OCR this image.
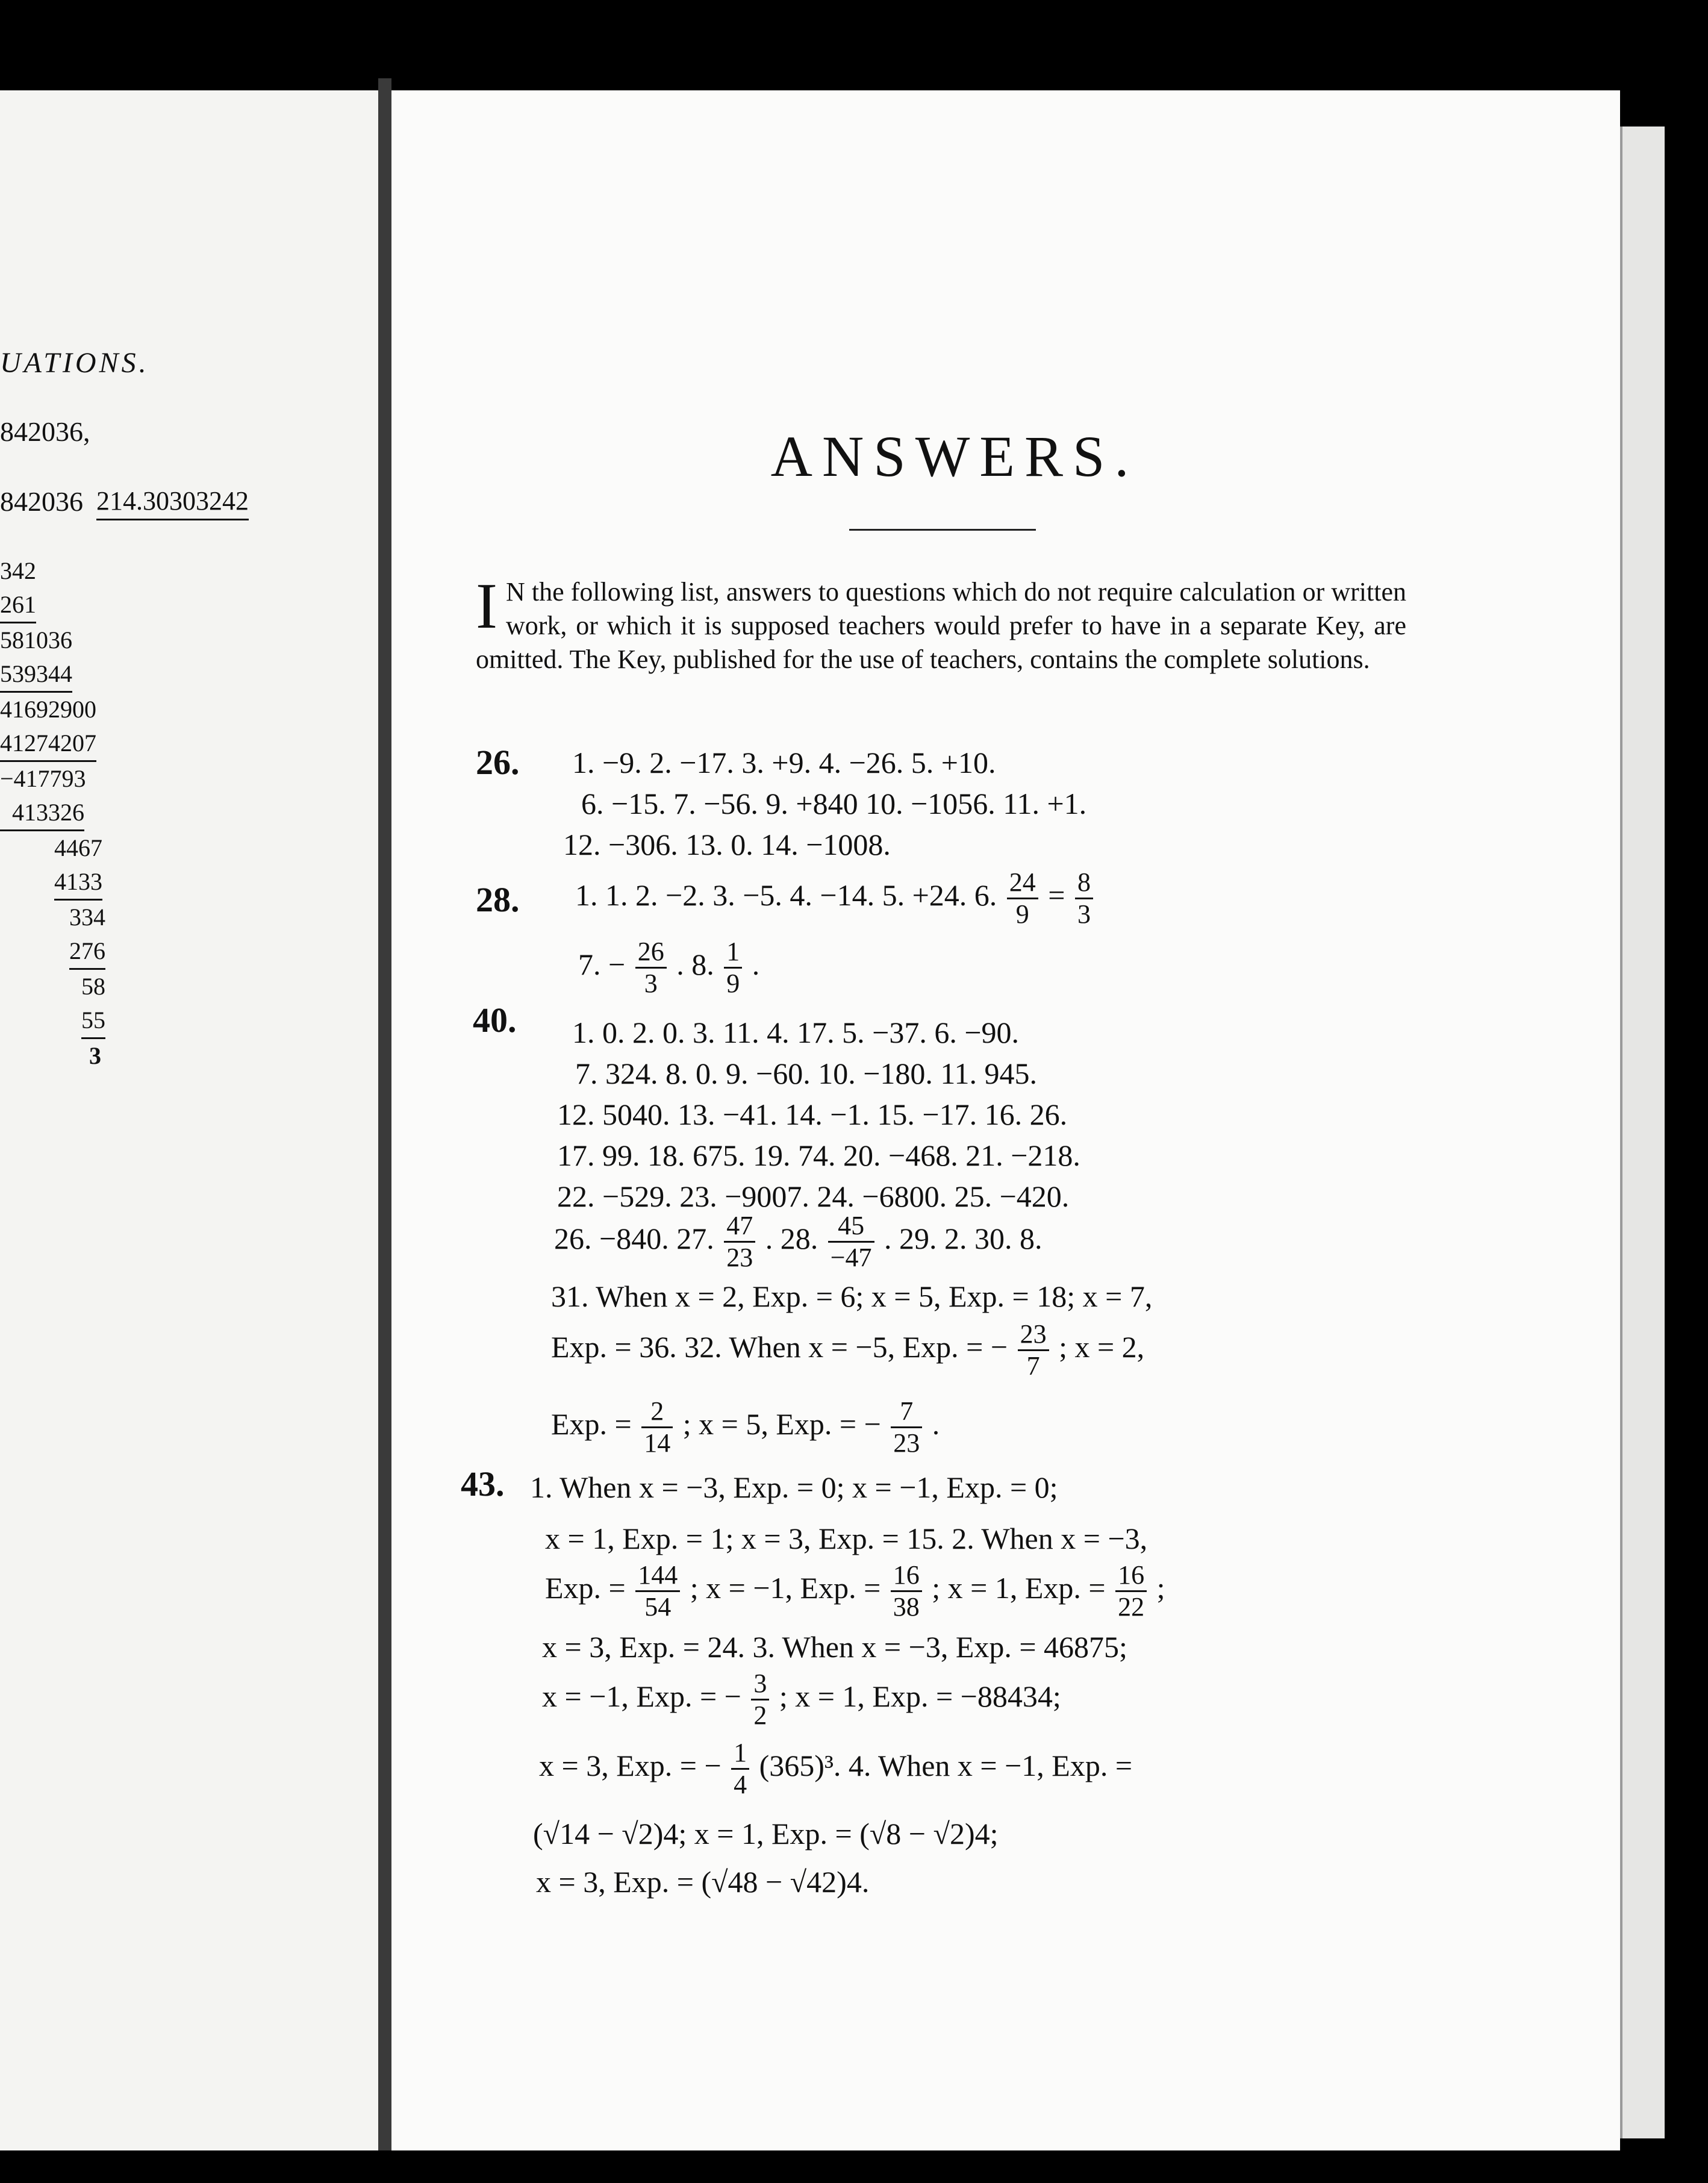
UATIONS.
842036,
842036 214.30303242
342
261
581036
539344
41692900
41274207
−417793
413326
4467
4133
334
276
58
55
3
ANSWERS.
I N the following list, answers to questions which do not require calculation or written work, or which it is supposed teachers would prefer to have in a separate Key, are omitted. The Key, published for the use of teachers, contains the complete solutions.
26. 1. −9. 2. −17. 3. +9. 4. −26. 5. +10.
6. −15. 7. −56. 9. +840 10. −1056. 11. +1.
12. −306. 13. 0. 14. −1008.
28. 1. 1. 2. −2. 3. −5. 4. −14. 5. +24. 6. $\frac{24}{9} = \frac{8}{3}$
7. − $\frac{26}{3}$ . 8. $\frac{1}{9}$ .
40. 1. 0. 2. 0. 3. 11. 4. 17. 5. −37. 6. −90.
7. 324. 8. 0. 9. −60. 10. −180. 11. 945.
12. 5040. 13. −41. 14. −1. 15. −17. 16. 26.
17. 99. 18. 675. 19. 74. 20. −468. 21. −218.
22. −529. 23. −9007. 24. −6800. 25. −420.
26. −840. 27. $\frac{47}{23}$ . 28. $\frac{45}{-47}$ . 29. 2. 30. 8.
31. When x = 2, Exp. = 6; x = 5, Exp. = 18; x = 7,
Exp. = 36. 32. When x = −5, Exp. = − $\frac{23}{7}$ ; x = 2,
Exp. = $\frac{2}{14}$ ; x = 5, Exp. = − $\frac{7}{23}$ .
43. 1. When x = −3, Exp. = 0; x = −1, Exp. = 0;
x = 1, Exp. = 1; x = 3, Exp. = 15. 2. When x = −3,
Exp. = $\frac{144}{54}$ ; x = −1, Exp. = $\frac{16}{38}$ ; x = 1, Exp. = $\frac{16}{22}$ ;
x = 3, Exp. = 24. 3. When x = −3, Exp. = 46875;
x = −1, Exp. = − $\frac{3}{2}$ ; x = 1, Exp. = −88434;
x = 3, Exp. = − $\frac{1}{4} (365)^3$. 4. When x = −1, Exp. =
(√14 − √2)4; x = 1, Exp. = (√8 − √2)4;
x = 3, Exp. = (√48 − √42)4.
